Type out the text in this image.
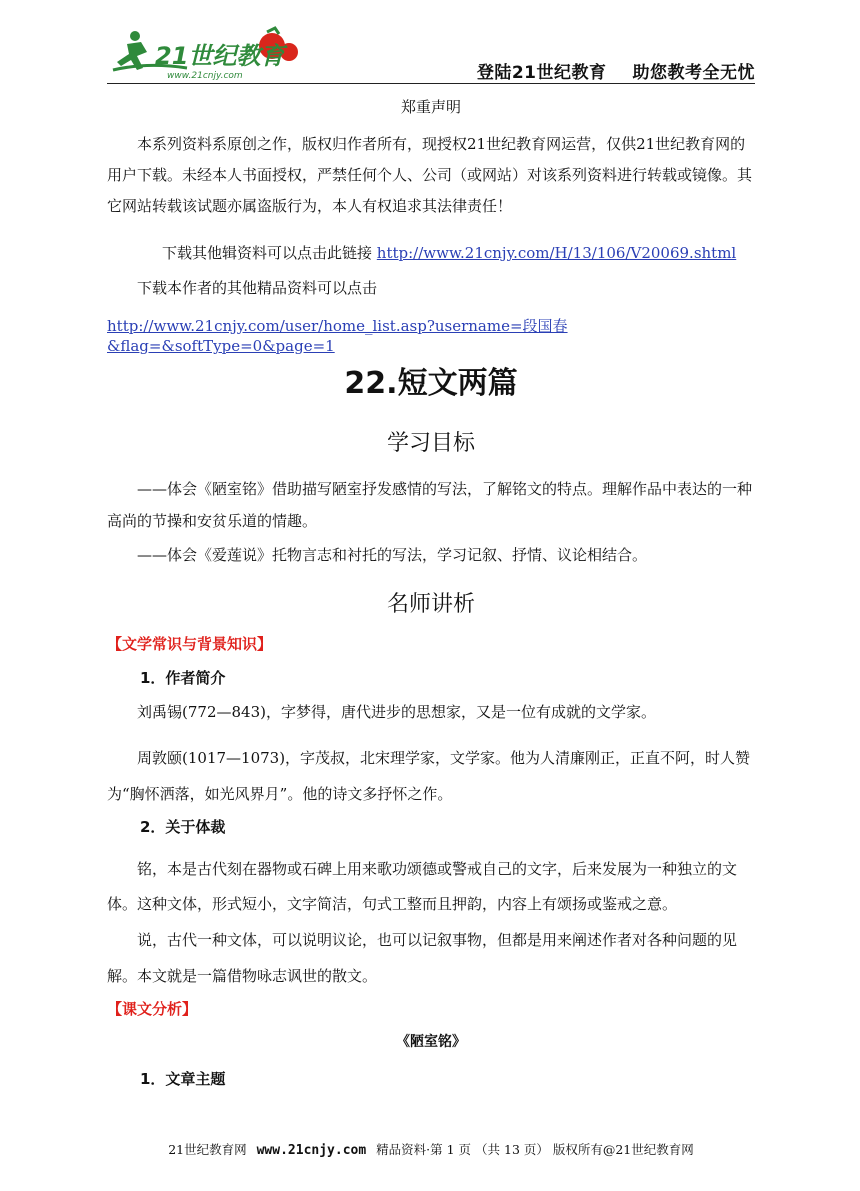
21世纪教育
www.21cnjy.com	登陆21世纪教育 助您教考全无忧
郑重声明
本系列资料系原创之作，版权归作者所有，现授权21世纪教育网运营，仅供21世纪教育网的用户下载。未经本人书面授权，严禁任何个人、公司（或网站）对该系列资料进行转载或镜像。其它网站转载该试题亦属盗版行为，本人有权追求其法律责任！
下载其他辑资料可以点击此链接 http://www.21cnjy.com/H/13/106/V20069.shtml
下载本作者的其他精品资料可以点击
http://www.21cnjy.com/user/home_list.asp?username=段国春&flag=&softType=0&page=1
22.短文两篇
学习目标
——体会《陋室铭》借助描写陋室抒发感情的写法，了解铭文的特点。理解作品中表达的一种高尚的节操和安贫乐道的情趣。
——体会《爱莲说》托物言志和衬托的写法，学习记叙、抒情、议论相结合。
名师讲析
【文学常识与背景知识】
1．作者简介
刘禹锡(772—843)，字梦得，唐代进步的思想家，又是一位有成就的文学家。
周敦颐(1017—1073)，字茂叔，北宋理学家，文学家。他为人清廉刚正，正直不阿，时人赞为“胸怀洒落，如光风界月”。他的诗文多抒怀之作。
2．关于体裁
铭，本是古代刻在器物或石碑上用来歌功颂德或警戒自己的文字，后来发展为一种独立的文体。这种文体，形式短小，文字简洁，句式工整而且押韵，内容上有颂扬或鉴戒之意。
说，古代一种文体，可以说明议论，也可以记叙事物，但都是用来阐述作者对各种问题的见解。本文就是一篇借物咏志讽世的散文。
【课文分析】
《陋室铭》
1．文章主题
21世纪教育网 www.21cnjy.com 精品资料·第 1 页 （共 13 页） 版权所有@21世纪教育网
